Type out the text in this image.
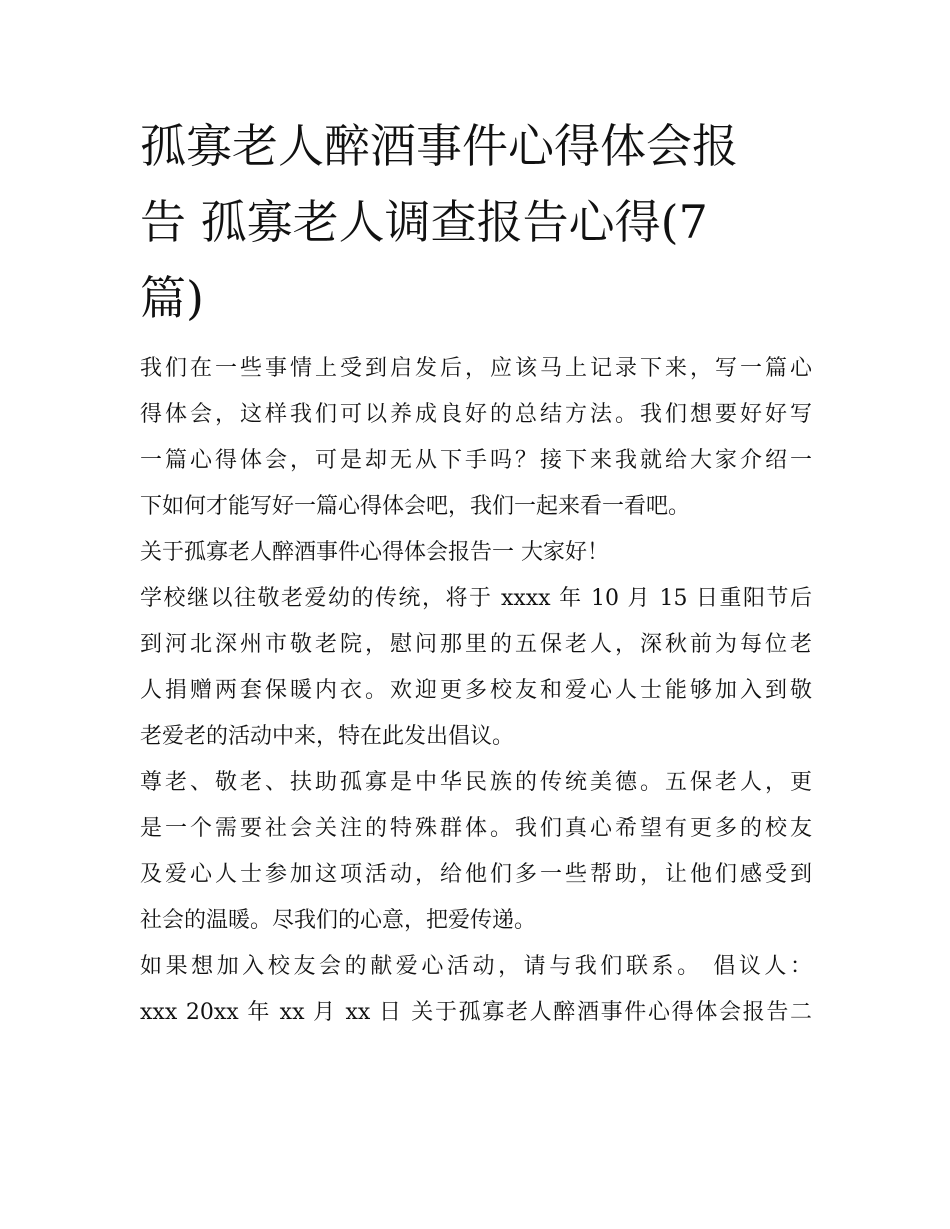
孤寡老人醉酒事件心得体会报
告 孤寡老人调查报告心得(7
篇)
我们在一些事情上受到启发后，应该马上记录下来，写一篇心
得体会，这样我们可以养成良好的总结方法。我们想要好好写
一篇心得体会，可是却无从下手吗？接下来我就给大家介绍一
下如何才能写好一篇心得体会吧，我们一起来看一看吧。
关于孤寡老人醉酒事件心得体会报告一 大家好！
学校继以往敬老爱幼的传统，将于 xxxx 年 10 月 15 日重阳节后
到河北深州市敬老院，慰问那里的五保老人，深秋前为每位老
人捐赠两套保暖内衣。欢迎更多校友和爱心人士能够加入到敬
老爱老的活动中来，特在此发出倡议。
尊老、敬老、扶助孤寡是中华民族的传统美德。五保老人，更
是一个需要社会关注的特殊群体。我们真心希望有更多的校友
及爱心人士参加这项活动，给他们多一些帮助，让他们感受到
社会的温暖。尽我们的心意，把爱传递。
如果想加入校友会的献爱心活动，请与我们联系。 倡议人：
xxx 20xx 年 xx 月 xx 日 关于孤寡老人醉酒事件心得体会报告二
